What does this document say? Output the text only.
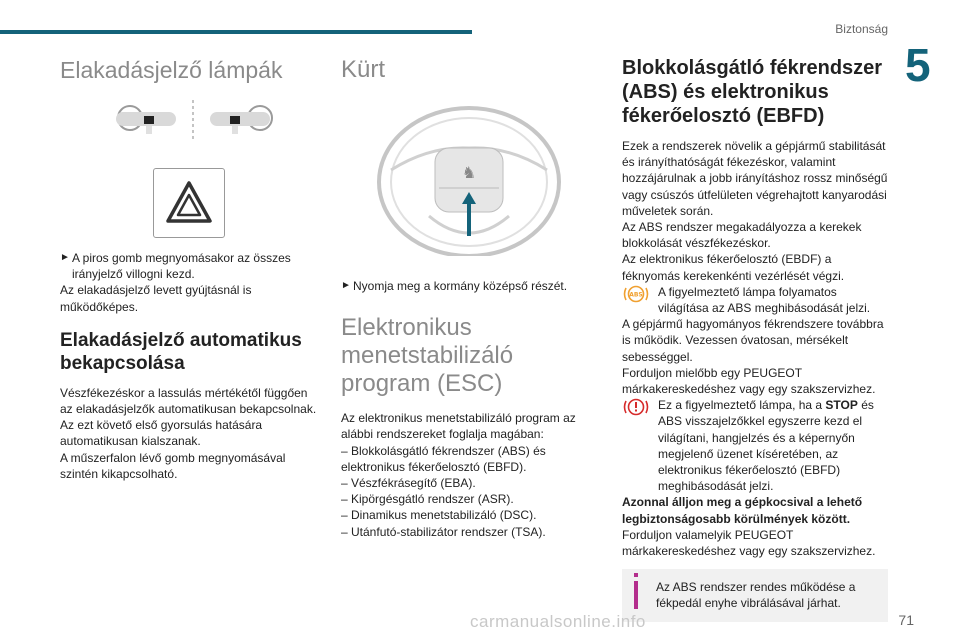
Biztonság
5
Elakadásjelző lámpák
► A piros gomb megnyomásakor az összes irányjelző villogni kezd.

Az elakadásjelző levett gyújtásnál is működőképes.

Elakadásjelző automatikus bekapcsolása

Vészfékezéskor a lassulás mértékétől függően az elakadásjelzők automatikusan bekapcsolnak.

Az ezt követő első gyorsulás hatására automatikusan kialszanak.

A műszerfalon lévő gomb megnyomásával szintén kikapcsolható.

Kürt
♞
► Nyomja meg a kormány középső részét.

Elektronikus menetstabilizáló program (ESC)

Az elektronikus menetstabilizáló program az alábbi rendszereket foglalja magában:

– Blokkolásgátló fékrendszer (ABS) és elektronikus fékerőelosztó (EBFD).
– Vészfékrásegítő (EBA).
– Kipörgésgátló rendszer (ASR).
– Dinamikus menetstabilizáló (DSC).
– Utánfutó-stabilizátor rendszer (TSA).
Blokkolásgátló fékrendszer (ABS) és elektronikus fékerőelosztó (EBFD)

Ezek a rendszerek növelik a gépjármű stabilitását és irányíthatóságát fékezéskor, valamint hozzájárulnak a jobb irányításhoz rossz minőségű vagy csúszós útfelületen végrehajtott kanyarodási műveletek során.

Az ABS rendszer megakadályozza a kerekek blokkolását vészfékezéskor.

Az elektronikus fékerőelosztó (EBDF) a féknyomás kerekenkénti vezérlését végzi.

ABS A figyelmeztető lámpa folyamatos világítása az ABS meghibásodását jelzi.

A gépjármű hagyományos fékrendszere továbbra is működik. Vezessen óvatosan, mérsékelt sebességgel.

Forduljon mielőbb egy PEUGEOT márkakereskedéshez vagy egy szakszervizhez.

Ez a figyelmeztető lámpa, ha a STOP és ABS visszajelzőkkel egyszerre kezd el világítani, hangjelzés és a képernyőn megjelenő üzenet kíséretében, az elektronikus fékerőelosztó (EBFD) meghibásodását jelzi.

Azonnal álljon meg a gépkocsival a lehető legbiztonságosabb körülmények között.

Forduljon valamelyik PEUGEOT márkakereskedéshez vagy egy szakszervizhez.

Az ABS rendszer rendes működése a fékpedál enyhe vibrálásával járhat.

carmanualsonline.info	71
